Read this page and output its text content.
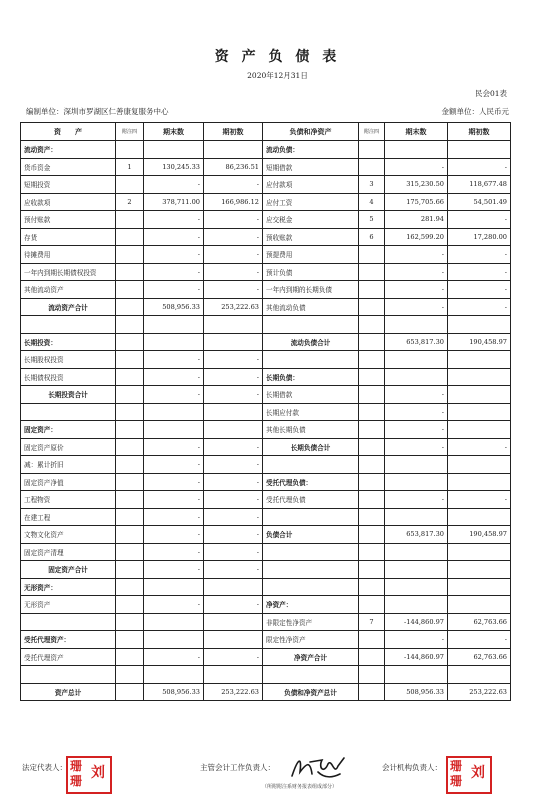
资 产 负 债 表
2020年12月31日
民会01表
编制单位：深圳市罗湖区仁善康复服务中心	金额单位：人民币元
资　　产	附注四	期末数	期初数	负债和净资产	附注四	期末数	期初数
流动资产：				流动负债：			
货币资金	1	130,245.33	86,236.51	短期借款		-	-
短期投资		-	-	应付款项	3	315,230.50	118,677.48
应收款项	2	378,711.00	166,986.12	应付工资	4	175,705.66	54,501.49
预付账款		-	-	应交税金	5	281.94	-
存货		-	-	预收账款	6	162,599.20	17,280.00
待摊费用		-	-	预提费用		-	-
一年内到期长期债权投资		-	-	预计负债		-	-
其他流动资产		-	-	一年内到期的长期负债		-	-
流动资产合计		508,956.33	253,222.63	其他流动负债		-	-

长期投资：				流动负债合计		653,817.30	190,458.97
长期股权投资		-	-				
长期债权投资		-	-	长期负债：			
长期投资合计		-	-	长期借款		-	
				长期应付款		-	
固定资产：				其他长期负债		-	
固定资产原价		-	-	长期负债合计		-	-
减：累计折旧		-	-				
固定资产净值		-	-	受托代理负债：			
工程物资		-	-	受托代理负债		-	-
在建工程		-	-				
文物文化资产		-	-	负债合计		653,817.30	190,458.97
固定资产清理		-	-				
固定资产合计		-	-				
无形资产：							
无形资产		-	-	净资产：			
				非限定性净资产	7	-144,860.97	62,763.66
受托代理资产：				限定性净资产		-	-
受托代理资产		-	-	净资产合计		-144,860.97	62,763.66

资产总计		508,956.33	253,222.63	负债和净资产总计		508,956.33	253,222.63
法定代表人： 珊
珊 刘	主管会计工作负责人：
（所附附注系财务报表组成部分）
会计机构负责人： 珊
珊 刘
